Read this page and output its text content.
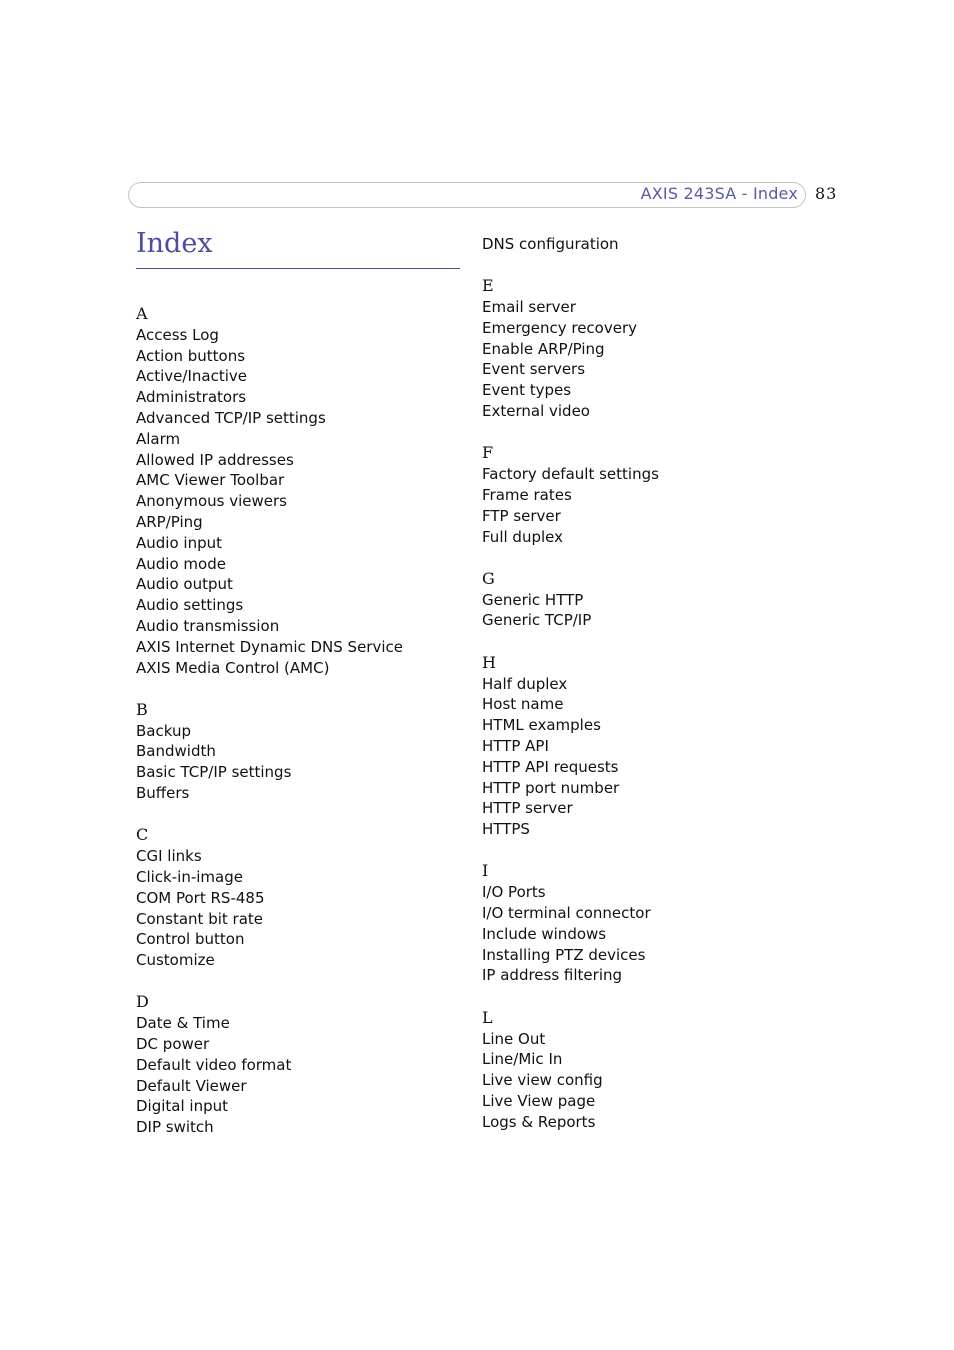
AXIS 243SA - Index 83
Index
A
Access Log
Action buttons
Active/Inactive
Administrators
Advanced TCP/IP settings
Alarm
Allowed IP addresses
AMC Viewer Toolbar
Anonymous viewers
ARP/Ping
Audio input
Audio mode
Audio output
Audio settings
Audio transmission
AXIS Internet Dynamic DNS Service
AXIS Media Control (AMC)
B
Backup
Bandwidth
Basic TCP/IP settings
Buffers
C
CGI links
Click-in-image
COM Port RS-485
Constant bit rate
Control button
Customize
D
Date & Time
DC power
Default video format
Default Viewer
Digital input
DIP switch
DNS configuration
E
Email server
Emergency recovery
Enable ARP/Ping
Event servers
Event types
External video
F
Factory default settings
Frame rates
FTP server
Full duplex
G
Generic HTTP
Generic TCP/IP
H
Half duplex
Host name
HTML examples
HTTP API
HTTP API requests
HTTP port number
HTTP server
HTTPS
I
I/O Ports
I/O terminal connector
Include windows
Installing PTZ devices
IP address filtering
L
Line Out
Line/Mic In
Live view config
Live View page
Logs & Reports
